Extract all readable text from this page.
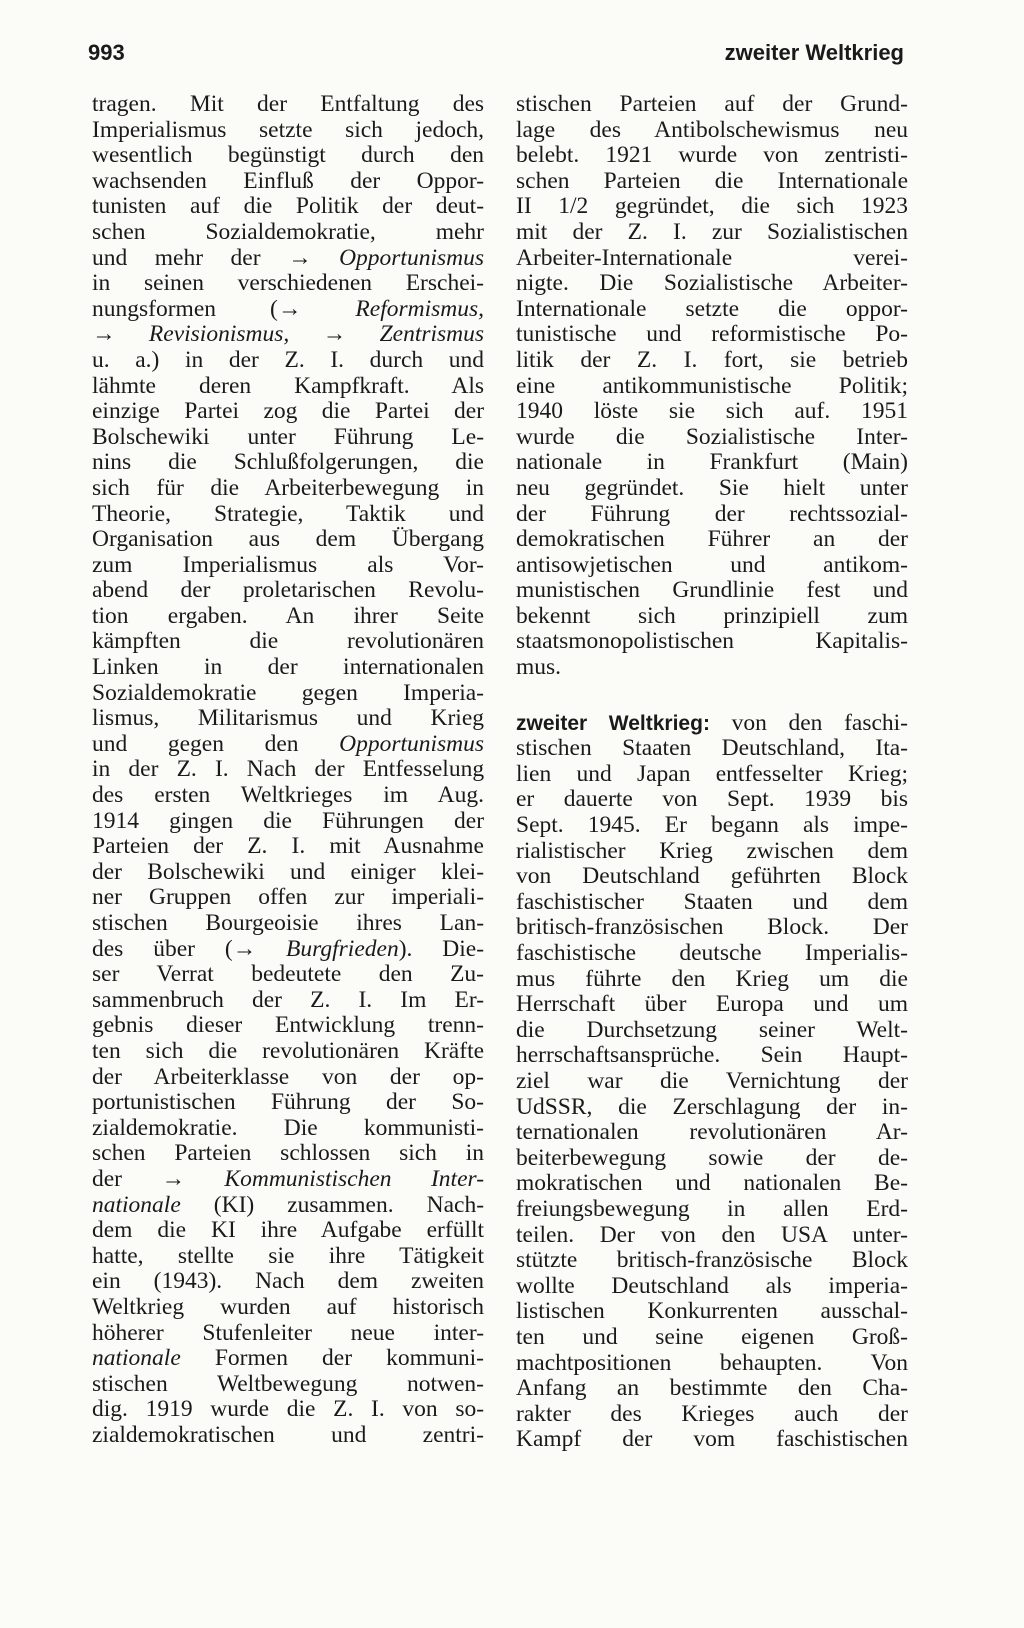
993	zweiter Weltkrieg
tragen. Mit der Entfaltung des
Imperialismus setzte sich jedoch,
wesentlich begünstigt durch den
wachsenden Einfluß der Oppor-
tunisten auf die Politik der deut-
schen	Sozialdemokratie,	mehr
und mehr der → Opportunismus
in seinen verschiedenen Erschei-
nungsformen (→ Reformismus,
→ Revisionismus, → Zentrismus
u. a.) in der Z. I. durch und
lähmte deren Kampfkraft. Als
einzige Partei zog die Partei der
Bolschewiki unter Führung Le-
nins die Schlußfolgerungen, die
sich für die Arbeiterbewegung in
Theorie, Strategie, Taktik und
Organisation aus dem Übergang
zum Imperialismus als Vor-
abend der proletarischen Revolu-
tion ergaben. An ihrer Seite
kämpften	die	revolutionären
Linken in der internationalen
Sozialdemokratie gegen Imperia-
lismus, Militarismus und Krieg
und gegen den Opportunismus
in der Z. I. Nach der Entfesselung
des ersten Weltkrieges im Aug.
1914 gingen die Führungen der
Parteien der Z. I. mit Ausnahme
der Bolschewiki und einiger klei-
ner Gruppen offen zur imperiali-
stischen Bourgeoisie ihres Lan-
des über (→ Burgfrieden). Die-
ser Verrat bedeutete den Zu-
sammenbruch der Z. I. Im Er-
gebnis dieser Entwicklung trenn-
ten sich die revolutionären Kräfte
der Arbeiterklasse von der op-
portunistischen Führung der So-
zialdemokratie. Die kommunisti-
schen Parteien schlossen sich in
der → Kommunistischen Inter-
nationale (KI) zusammen. Nach-
dem die KI ihre Aufgabe erfüllt
hatte, stellte sie ihre Tätigkeit
ein (1943). Nach dem zweiten
Weltkrieg wurden auf historisch
höherer Stufenleiter neue inter-
nationale Formen der kommuni-
stischen Weltbewegung notwen-
dig. 1919 wurde die Z. I. von so-
zialdemokratischen und zentri-
stischen Parteien auf der Grund-
lage des Antibolschewismus neu
belebt. 1921 wurde von zentristi-
schen Parteien die Internationale
II 1/2 gegründet, die sich 1923
mit der Z. I. zur Sozialistischen
Arbeiter-Internationale verei-
nigte. Die Sozialistische Arbeiter-
Internationale setzte die oppor-
tunistische und reformistische Po-
litik der Z. I. fort, sie betrieb
eine antikommunistische Politik;
1940 löste sie sich auf. 1951
wurde die Sozialistische Inter-
nationale in Frankfurt (Main)
neu gegründet. Sie hielt unter
der Führung der rechtssozial-
demokratischen Führer an der
antisowjetischen und antikom-
munistischen Grundlinie fest und
bekennt sich prinzipiell zum
staatsmonopolistischen Kapitalis-
mus.
zweiter Weltkrieg: von den faschi-
stischen Staaten Deutschland, Ita-
lien und Japan entfesselter Krieg;
er dauerte von Sept. 1939 bis
Sept. 1945. Er begann als impe-
rialistischer Krieg zwischen dem
von Deutschland geführten Block
faschistischer Staaten und dem
britisch-französischen Block. Der
faschistische deutsche Imperialis-
mus führte den Krieg um die
Herrschaft über Europa und um
die Durchsetzung seiner Welt-
herrschaftsansprüche. Sein Haupt-
ziel war die Vernichtung der
UdSSR, die Zerschlagung der in-
ternationalen revolutionären Ar-
beiterbewegung sowie der de-
mokratischen und nationalen Be-
freiungsbewegung in allen Erd-
teilen. Der von den USA unter-
stützte britisch-französische Block
wollte Deutschland als imperia-
listischen Konkurrenten ausschal-
ten und seine eigenen Groß-
machtpositionen behaupten. Von
Anfang an bestimmte den Cha-
rakter des Krieges auch der
Kampf der vom faschistischen
